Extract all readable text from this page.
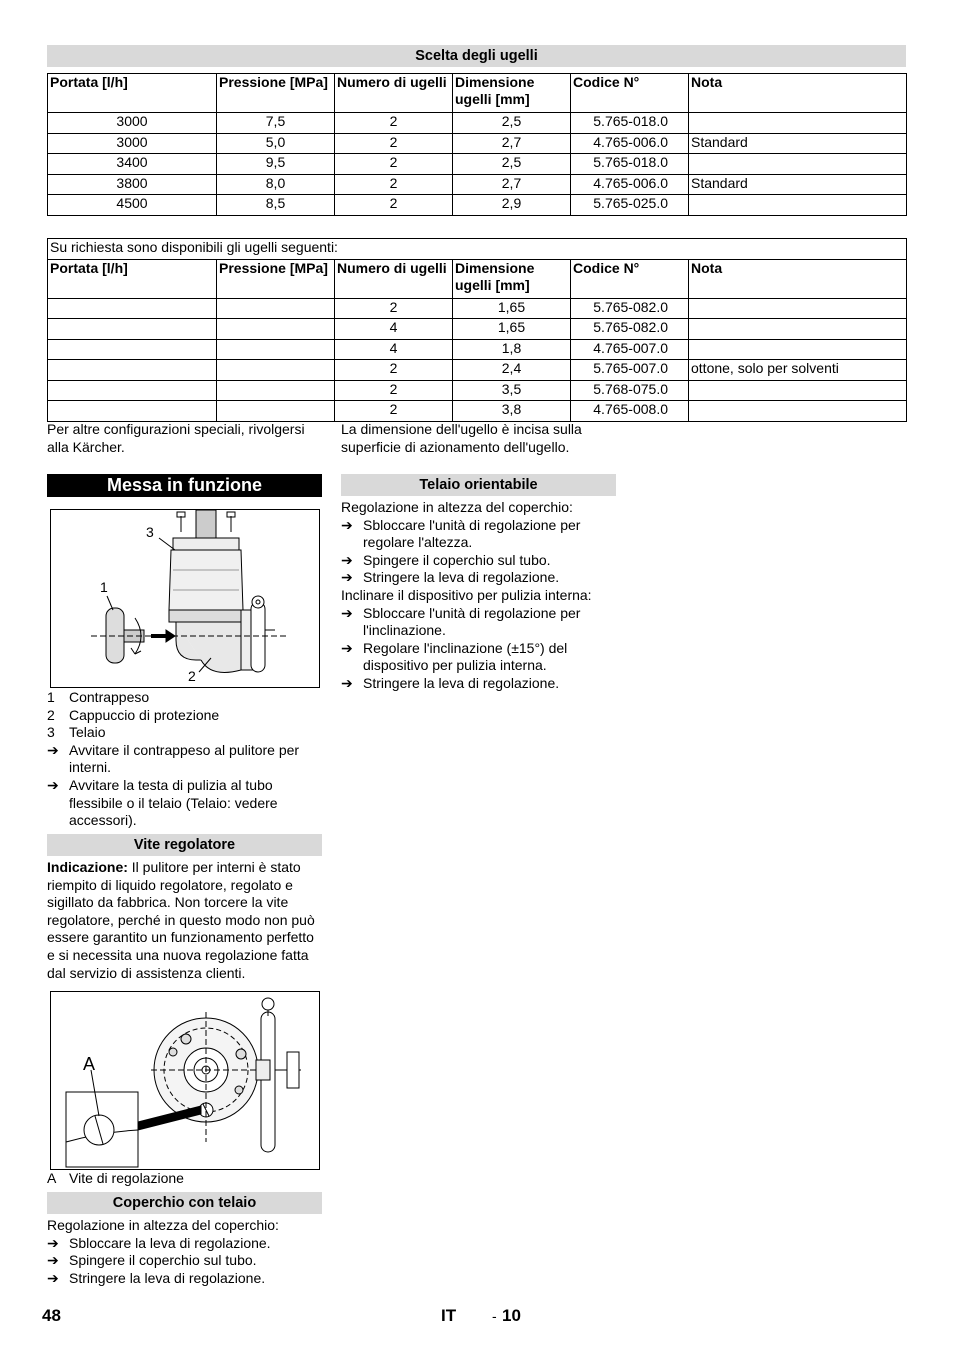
Scelta degli ugelli
Portata [l/h]	Pressione [MPa]	Numero di ugelli	Dimensione ugelli [mm]	Codice N°	Nota
3000	7,5	2	2,5	5.765-018.0	
3000	5,0	2	2,7	4.765-006.0	Standard
3400	9,5	2	2,5	5.765-018.0	
3800	8,0	2	2,7	4.765-006.0	Standard
4500	8,5	2	2,9	5.765-025.0	
Su richiesta sono disponibili gli ugelli seguenti:					
Portata [l/h]	Pressione [MPa]	Numero di ugelli	Dimensione ugelli [mm]	Codice N°	Nota
		2	1,65	5.765-082.0	
		4	1,65	5.765-082.0	
		4	1,8	4.765-007.0	
		2	2,4	5.765-007.0	ottone, solo per solventi
		2	3,5	5.768-075.0	
		2	3,8	4.765-008.0	

Per altre configurazioni speciali, rivolgersi alla Kärcher.

La dimensione dell'ugello è incisa sulla superficie di azionamento dell'ugello.

Messa in funzione
3
1
2
1	Contrappeso
2	Cappuccio di protezione
3	Telaio
➔ Avvitare il contrappeso al pulitore per interni.
➔ Avvitare la testa di pulizia al tubo flessibile o il telaio (Telaio: vedere accessori).
Vite regolatore

Indicazione: Il pulitore per interni è stato riempito di liquido regolatore, regolato e sigillato da fabbrica. Non torcere la vite regolatore, perché in questo modo non può essere garantito un funzionamento perfetto e si necessita una nuova regolazione fatta dal servizio di assistenza clienti.

A
A Vite di regolazione
Coperchio con telaio

Regolazione in altezza del coperchio:

➔ Sbloccare la leva di regolazione.
➔ Spingere il coperchio sul tubo.
➔ Stringere la leva di regolazione.
Telaio orientabile

Regolazione in altezza del coperchio:

➔ Sbloccare l'unità di regolazione per regolare l'altezza.
➔ Spingere il coperchio sul tubo.
➔ Stringere la leva di regolazione.

Inclinare il dispositivo per pulizia interna:

➔ Sbloccare l'unità di regolazione per l'inclinazione.
➔ Regolare l'inclinazione (±15°) del dispositivo per pulizia interna.
➔ Stringere la leva di regolazione.
48	IT	- 10
